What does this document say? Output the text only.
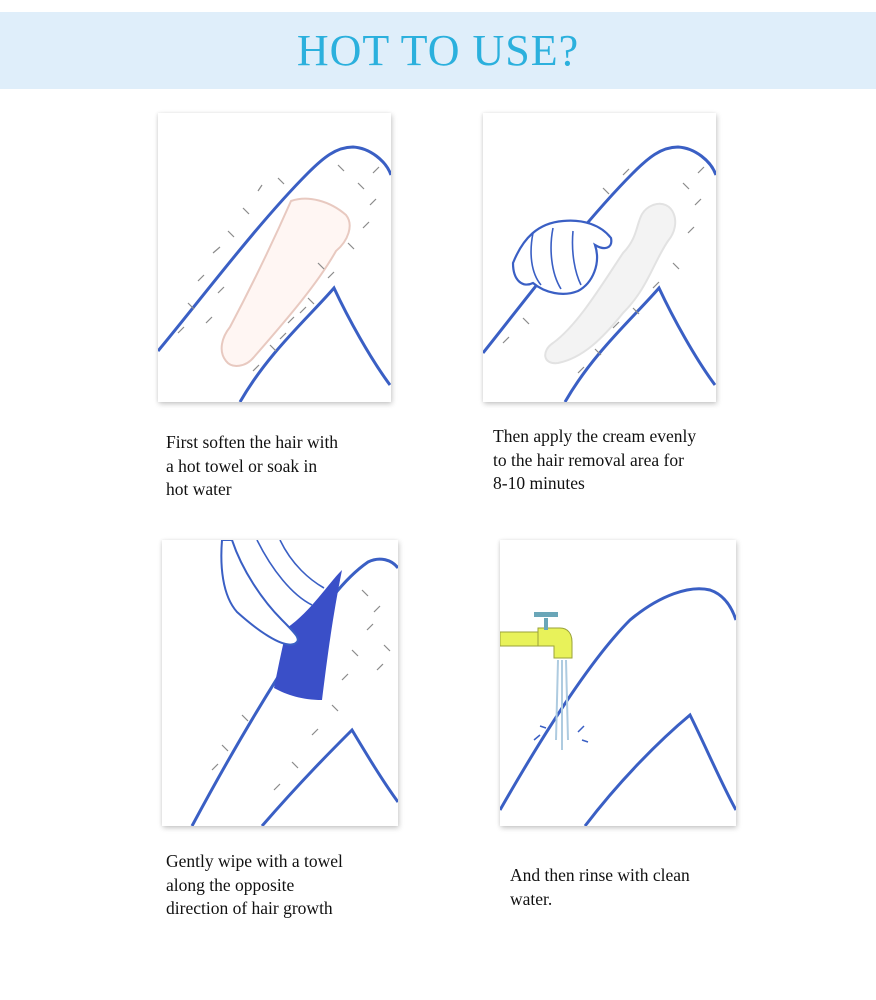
HOT TO USE?

First soften the hair with
a hot towel or soak in
hot water

Then apply the cream evenly
to the hair removal area for
8-10 minutes

Gently wipe with a towel
along the opposite
direction of hair growth

And then rinse with clean
water.
